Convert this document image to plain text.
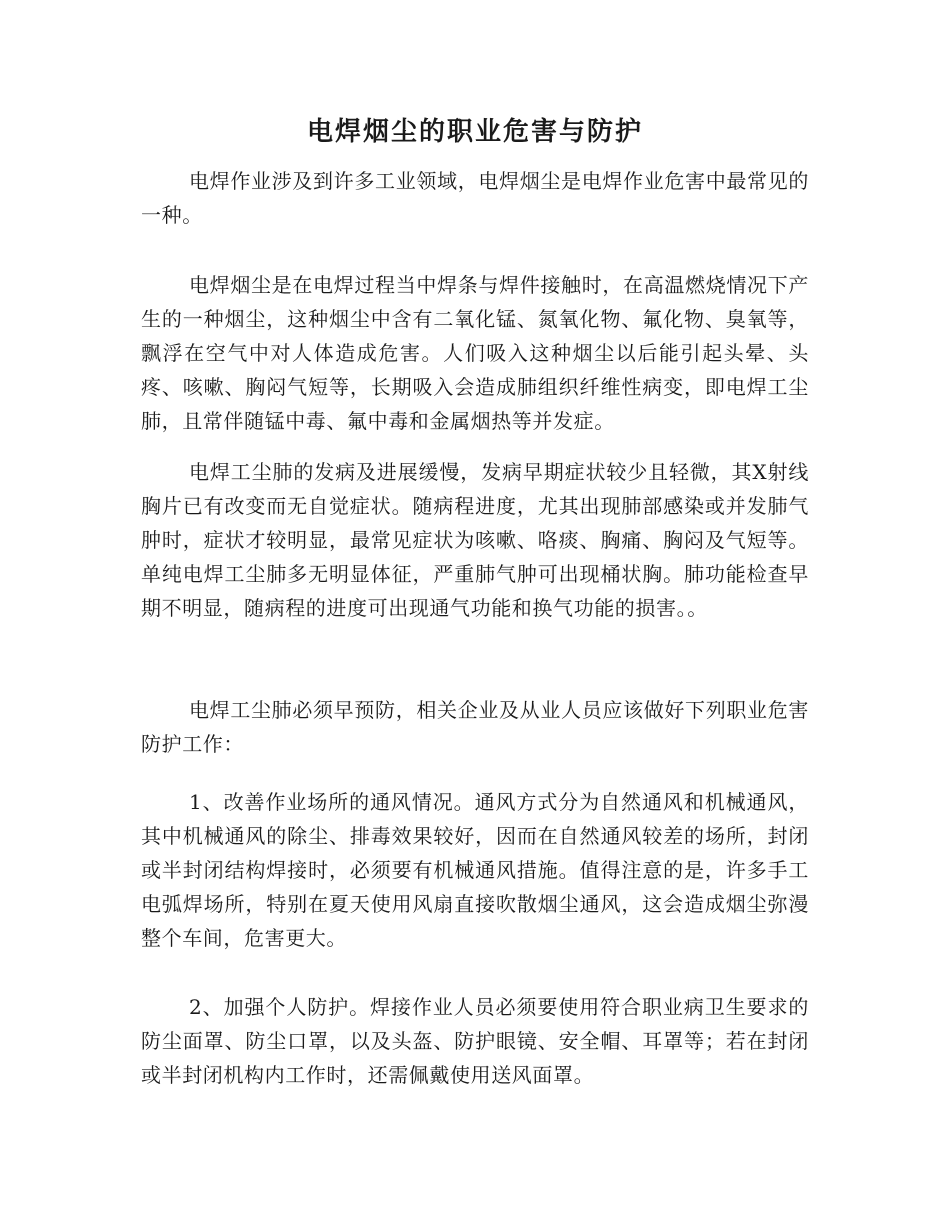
电焊烟尘的职业危害与防护

电焊作业涉及到许多工业领域，电焊烟尘是电焊作业危害中最常见的一种。

电焊烟尘是在电焊过程当中焊条与焊件接触时，在高温燃烧情况下产生的一种烟尘，这种烟尘中含有二氧化锰、氮氧化物、氟化物、臭氧等，飘浮在空气中对人体造成危害。人们吸入这种烟尘以后能引起头晕、头疼、咳嗽、胸闷气短等，长期吸入会造成肺组织纤维性病变，即电焊工尘肺，且常伴随锰中毒、氟中毒和金属烟热等并发症。

电焊工尘肺的发病及进展缓慢，发病早期症状较少且轻微，其X射线胸片已有改变而无自觉症状。随病程进度，尤其出现肺部感染或并发肺气肿时，症状才较明显，最常见症状为咳嗽、咯痰、胸痛、胸闷及气短等。单纯电焊工尘肺多无明显体征，严重肺气肿可出现桶状胸。肺功能检查早期不明显，随病程的进度可出现通气功能和换气功能的损害。。

电焊工尘肺必须早预防，相关企业及从业人员应该做好下列职业危害防护工作：

1、改善作业场所的通风情况。通风方式分为自然通风和机械通风，其中机械通风的除尘、排毒效果较好，因而在自然通风较差的场所，封闭或半封闭结构焊接时，必须要有机械通风措施。值得注意的是，许多手工电弧焊场所，特别在夏天使用风扇直接吹散烟尘通风，这会造成烟尘弥漫整个车间，危害更大。

2、加强个人防护。焊接作业人员必须要使用符合职业病卫生要求的防尘面罩、防尘口罩，以及头盔、防护眼镜、安全帽、耳罩等；若在封闭或半封闭机构内工作时，还需佩戴使用送风面罩。
